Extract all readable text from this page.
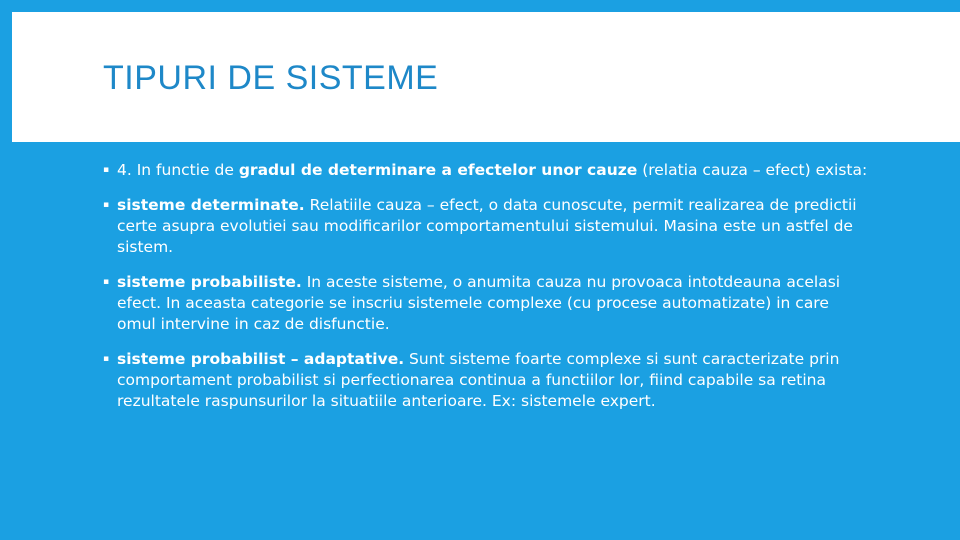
TIPURI DE SISTEME
▪ 4. In functie de gradul de determinare a efectelor unor cauze (relatia cauza – efect) exista:
▪ sisteme determinate. Relatiile cauza – efect, o data cunoscute, permit realizarea de predictii certe asupra evolutiei sau modificarilor comportamentului sistemului. Masina este un astfel de sistem.
▪ sisteme probabiliste. In aceste sisteme, o anumita cauza nu provoaca intotdeauna acelasi efect. In aceasta categorie se inscriu sistemele complexe (cu procese automatizate) in care omul intervine in caz de disfunctie.
▪ sisteme probabilist – adaptative. Sunt sisteme foarte complexe si sunt caracterizate prin comportament probabilist si perfectionarea continua a functiilor lor, fiind capabile sa retina rezultatele raspunsurilor la situatiile anterioare. Ex: sistemele expert.
